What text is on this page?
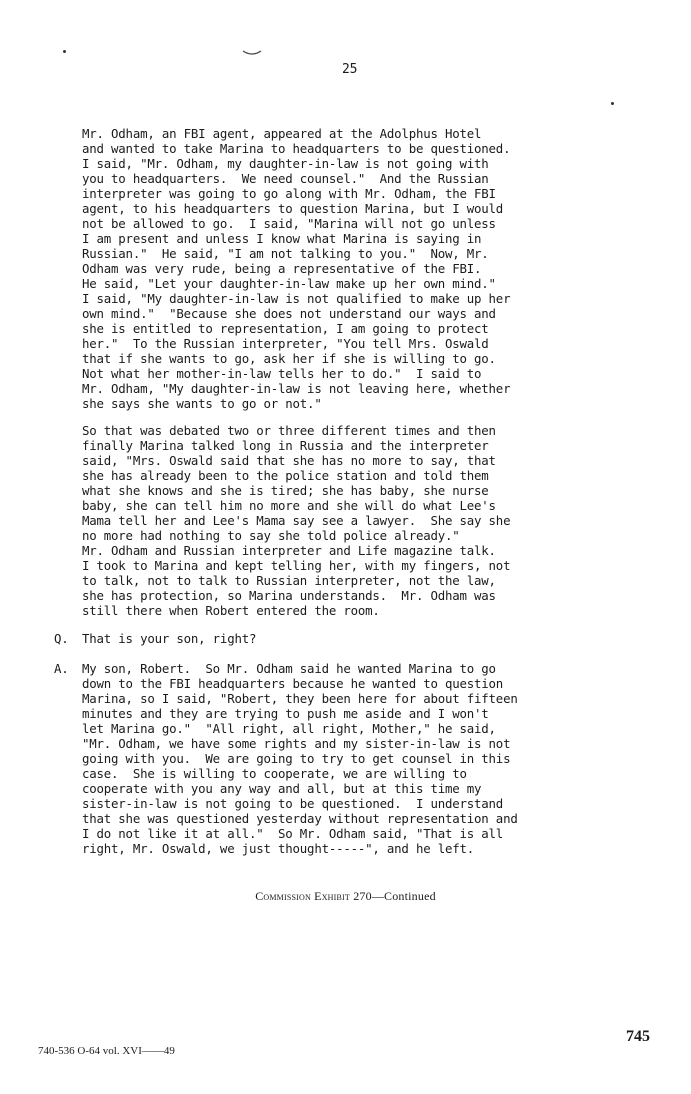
25
Mr. Odham, an FBI agent, appeared at the Adolphus Hotel
and wanted to take Marina to headquarters to be questioned.
I said, "Mr. Odham, my daughter-in-law is not going with
you to headquarters.  We need counsel."  And the Russian
interpreter was going to go along with Mr. Odham, the FBI
agent, to his headquarters to question Marina, but I would
not be allowed to go.  I said, "Marina will not go unless
I am present and unless I know what Marina is saying in
Russian."  He said, "I am not talking to you."  Now, Mr.
Odham was very rude, being a representative of the FBI.
He said, "Let your daughter-in-law make up her own mind."
I said, "My daughter-in-law is not qualified to make up her
own mind."  "Because she does not understand our ways and
she is entitled to representation, I am going to protect
her."  To the Russian interpreter, "You tell Mrs. Oswald
that if she wants to go, ask her if she is willing to go.
Not what her mother-in-law tells her to do."  I said to
Mr. Odham, "My daughter-in-law is not leaving here, whether
she says she wants to go or not."
So that was debated two or three different times and then
finally Marina talked long in Russia and the interpreter
said, "Mrs. Oswald said that she has no more to say, that
she has already been to the police station and told them
what she knows and she is tired; she has baby, she nurse
baby, she can tell him no more and she will do what Lee's
Mama tell her and Lee's Mama say see a lawyer.  She say she
no more had nothing to say she told police already."
Mr. Odham and Russian interpreter and Life magazine talk.
I took to Marina and kept telling her, with my fingers, not
to talk, not to talk to Russian interpreter, not the law,
she has protection, so Marina understands.  Mr. Odham was
still there when Robert entered the room.
Q. That is your son, right?
A. My son, Robert.  So Mr. Odham said he wanted Marina to go
down to the FBI headquarters because he wanted to question
Marina, so I said, "Robert, they been here for about fifteen
minutes and they are trying to push me aside and I won't
let Marina go."  "All right, all right, Mother," he said,
"Mr. Odham, we have some rights and my sister-in-law is not
going with you.  We are going to try to get counsel in this
case.  She is willing to cooperate, we are willing to
cooperate with you any way and all, but at this time my
sister-in-law is not going to be questioned.  I understand
that she was questioned yesterday without representation and
I do not like it at all."  So Mr. Odham said, "That is all
right, Mr. Oswald, we just thought-----", and he left.
Commission Exhibit 270—Continued
740-536 O-64 vol. XVI——49
745
